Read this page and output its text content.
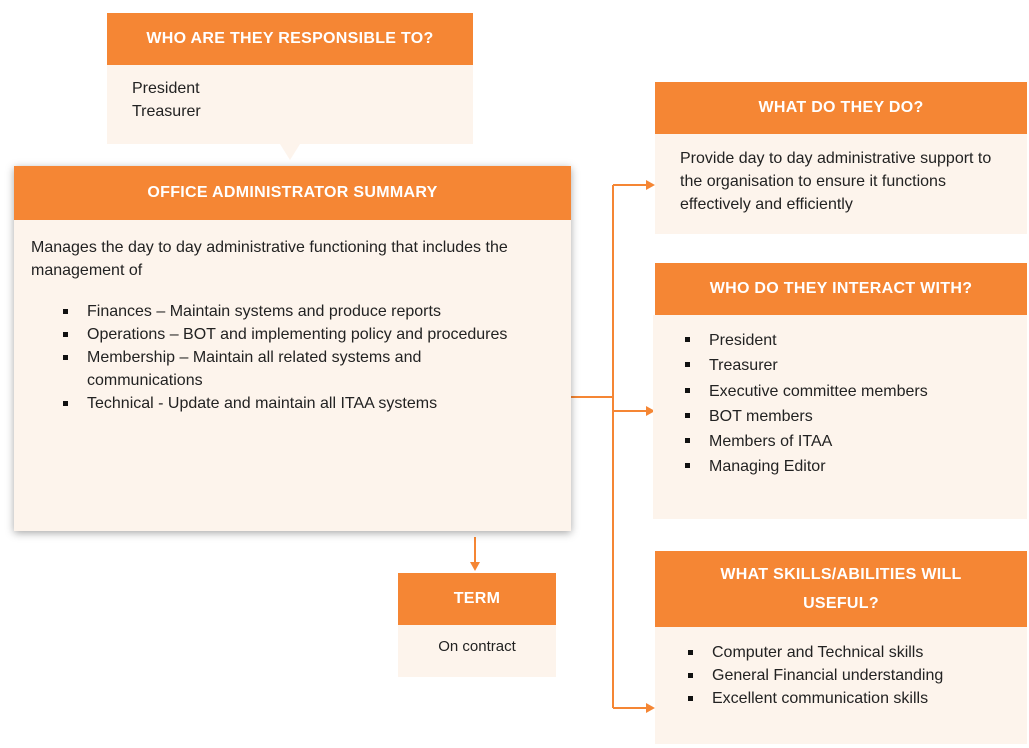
WHO ARE THEY RESPONSIBLE TO?
President
Treasurer
OFFICE ADMINISTRATOR SUMMARY
Manages the day to day administrative functioning that includes the management of
Finances – Maintain systems and produce reports
Operations – BOT and implementing policy and procedures
Membership – Maintain all related systems and communications
Technical - Update and maintain all ITAA systems
TERM
On contract
WHAT DO THEY DO?
Provide day to day administrative support to the organisation to ensure it functions effectively and efficiently
WHO DO THEY INTERACT WITH?
President
Treasurer
Executive committee members
BOT members
Members of ITAA
Managing Editor
WHAT SKILLS/ABILITIES WILL USEFUL?
Computer and Technical skills
General Financial understanding
Excellent communication skills
